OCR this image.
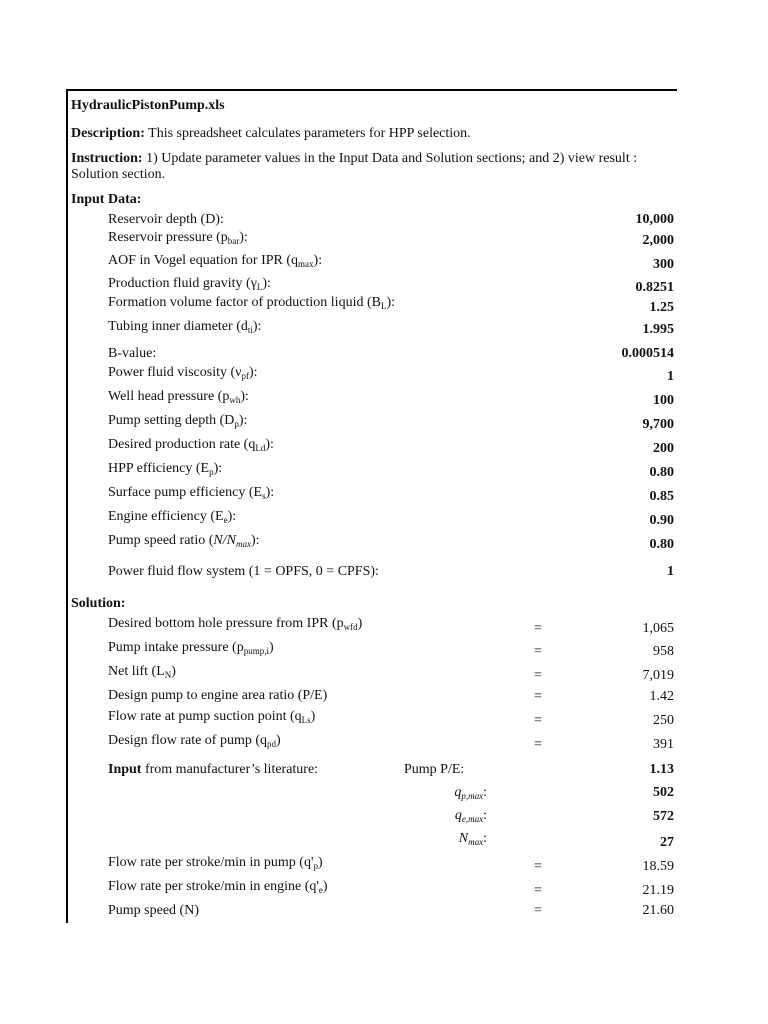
HydraulicPistonPump.xls
Description: This spreadsheet calculates parameters for HPP selection.
Instruction: 1) Update parameter values in the Input Data and Solution sections; and 2) view result :
Solution section.
Input Data:
Reservoir depth (D):	10,000
Reservoir pressure $(p_{bar})$:	2,000
AOF in Vogel equation for IPR $(q_{max})$:	300
Production fluid gravity $(\gamma_L)$:	0.8251
Formation volume factor of production liquid $(B_L)$:	1.25
Tubing inner diameter $(d_{ti})$:	1.995
B-value:	0.000514
Power fluid viscosity $(\nu_{pf})$:	1
Well head pressure $(p_{wh})$:	100
Pump setting depth $(D_p)$:	9,700
Desired production rate $(q_{Ld})$:	200
HPP efficiency $(E_p)$:	0.80
Surface pump efficiency $(E_s)$:	0.85
Engine efficiency $(E_e)$:	0.90
Pump speed ratio $(N/N_{max})$:	0.80
Power fluid flow system (1 = OPFS, 0 = CPFS):	1
Solution:
Desired bottom hole pressure from IPR $(p_{wfd})$	=	1,065
Pump intake pressure $(p_{pump,i})$	=	958
Net lift $(L_N)$	=	7,019
Design pump to engine area ratio (P/E)	=	1.42
Flow rate at pump suction point $(q_{Ls})$	=	250
Design flow rate of pump $(q_{pd})$	=	391
Input from manufacturer’s literature:	Pump P/E:	1.13
$q_{p,max}$:	502
$q_{e,max}$:	572
$N_{max}$:	27
Flow rate per stroke/min in pump $(q'_p)$	=	18.59
Flow rate per stroke/min in engine $(q'_e)$	=	21.19
Pump speed (N)	=	21.60
